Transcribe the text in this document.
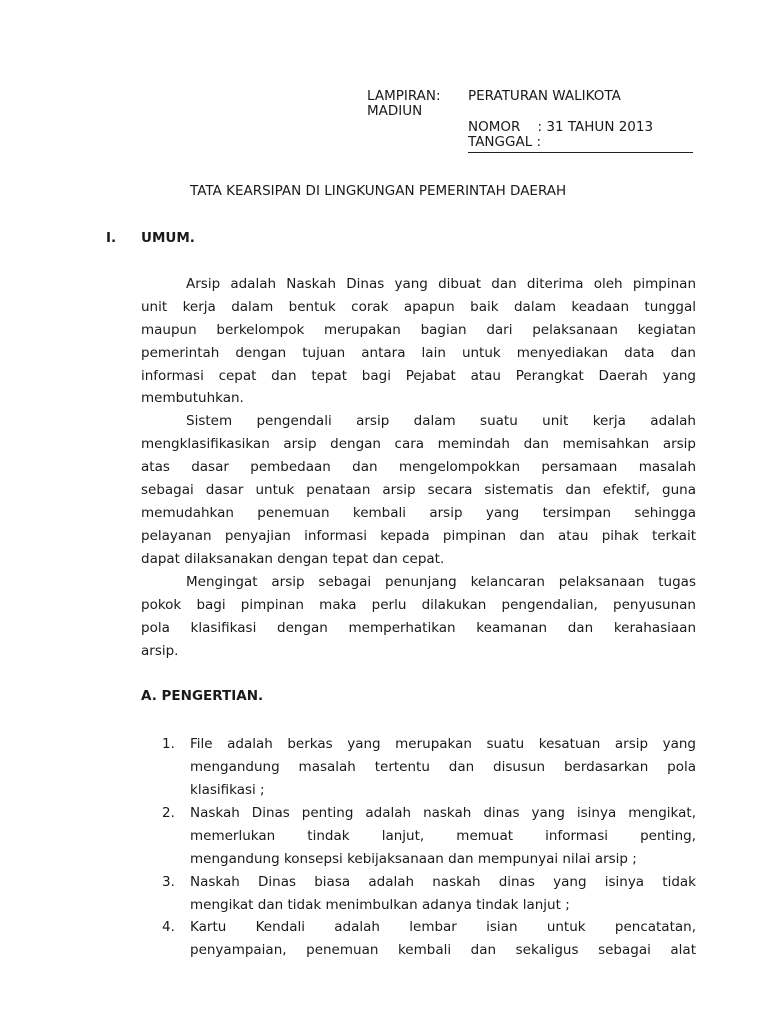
LAMPIRAN: PERATURAN WALIKOTA
MADIUN
NOMOR    : 31 TAHUN 2013
TANGGAL :
TATA KEARSIPAN DI LINGKUNGAN PEMERINTAH DAERAH
I. UMUM.
Arsip adalah Naskah Dinas yang dibuat dan diterima oleh pimpinan
unit kerja dalam bentuk corak apapun baik dalam keadaan tunggal
maupun berkelompok merupakan bagian dari pelaksanaan kegiatan
pemerintah dengan tujuan antara lain untuk menyediakan data dan
informasi cepat dan tepat bagi Pejabat atau Perangkat Daerah yang
membutuhkan.
Sistem pengendali arsip dalam suatu unit kerja adalah
mengklasifikasikan arsip dengan cara memindah dan memisahkan arsip
atas dasar pembedaan dan mengelompokkan persamaan masalah
sebagai dasar untuk penataan arsip secara sistematis dan efektif, guna
memudahkan penemuan kembali arsip yang tersimpan sehingga
pelayanan penyajian informasi kepada pimpinan dan atau pihak terkait
dapat dilaksanakan dengan tepat dan cepat.
Mengingat arsip sebagai penunjang kelancaran pelaksanaan tugas
pokok bagi pimpinan maka perlu dilakukan pengendalian, penyusunan
pola klasifikasi dengan memperhatikan keamanan dan kerahasiaan
arsip.
A. PENGERTIAN.
1. File adalah berkas yang merupakan suatu kesatuan arsip yang
mengandung masalah tertentu dan disusun berdasarkan pola
klasifikasi ;
2. Naskah Dinas penting adalah naskah dinas yang isinya mengikat,
memerlukan tindak lanjut, memuat informasi penting,
mengandung konsepsi kebijaksanaan dan mempunyai nilai arsip ;
3. Naskah Dinas biasa adalah naskah dinas yang isinya tidak
mengikat dan tidak menimbulkan adanya tindak lanjut ;
4. Kartu Kendali adalah lembar isian untuk pencatatan,
penyampaian, penemuan kembali dan sekaligus sebagai alat
